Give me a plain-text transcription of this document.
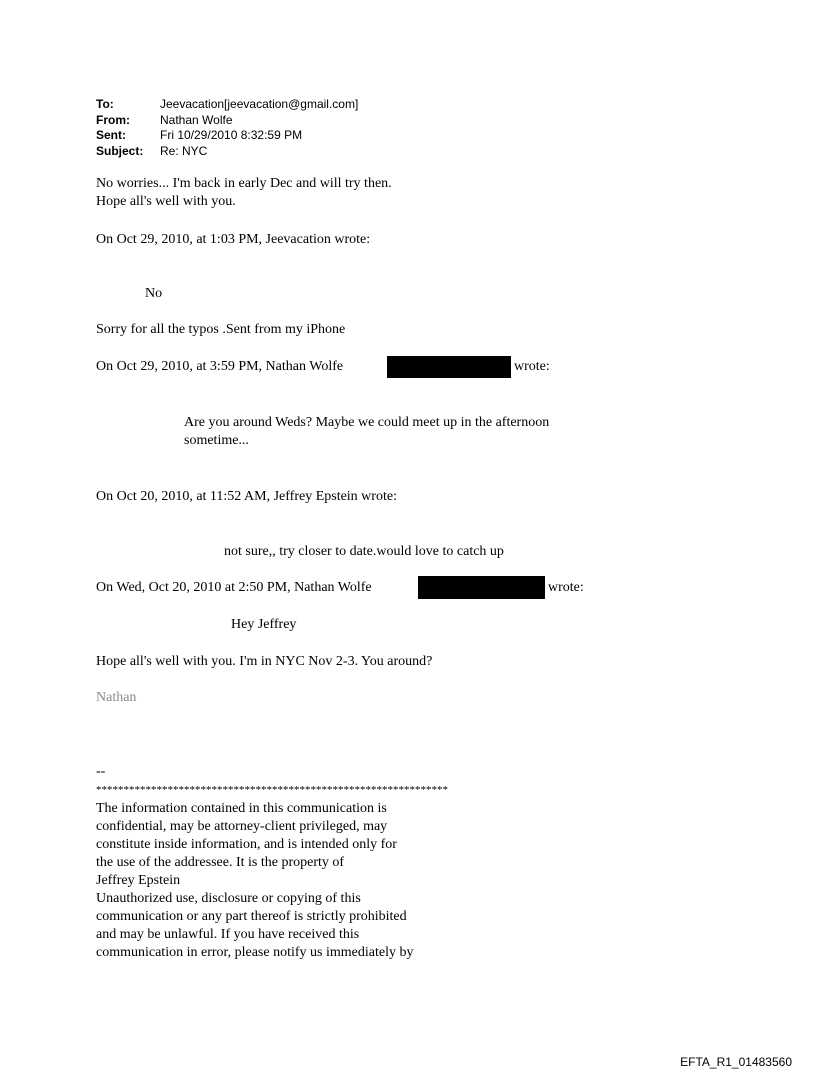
To:	Jeevacation[jeevacation@gmail.com]
From:	Nathan Wolfe
Sent:	Fri 10/29/2010 8:32:59 PM
Subject:	Re: NYC
No worries... I'm back in early Dec and will try then.
Hope all's well with you.
On Oct 29, 2010, at 1:03 PM, Jeevacation wrote:
No
Sorry for all the typos .Sent from my iPhone
On Oct 29, 2010, at 3:59 PM, Nathan Wolfe	wrote:
Are you around Weds? Maybe we could meet up in the afternoon
sometime...
On Oct 20, 2010, at 11:52 AM, Jeffrey Epstein wrote:
not sure,, try closer to date.would love to catch up
On Wed, Oct 20, 2010 at 2:50 PM, Nathan Wolfe	wrote:
Hey Jeffrey
Hope all's well with you. I'm in NYC Nov 2-3. You around?
Nathan
--
****************************************************************
The information contained in this communication is
confidential, may be attorney-client privileged, may
constitute inside information, and is intended only for
the use of the addressee. It is the property of
Jeffrey Epstein
Unauthorized use, disclosure or copying of this
communication or any part thereof is strictly prohibited
and may be unlawful. If you have received this
communication in error, please notify us immediately by
EFTA_R1_01483560
